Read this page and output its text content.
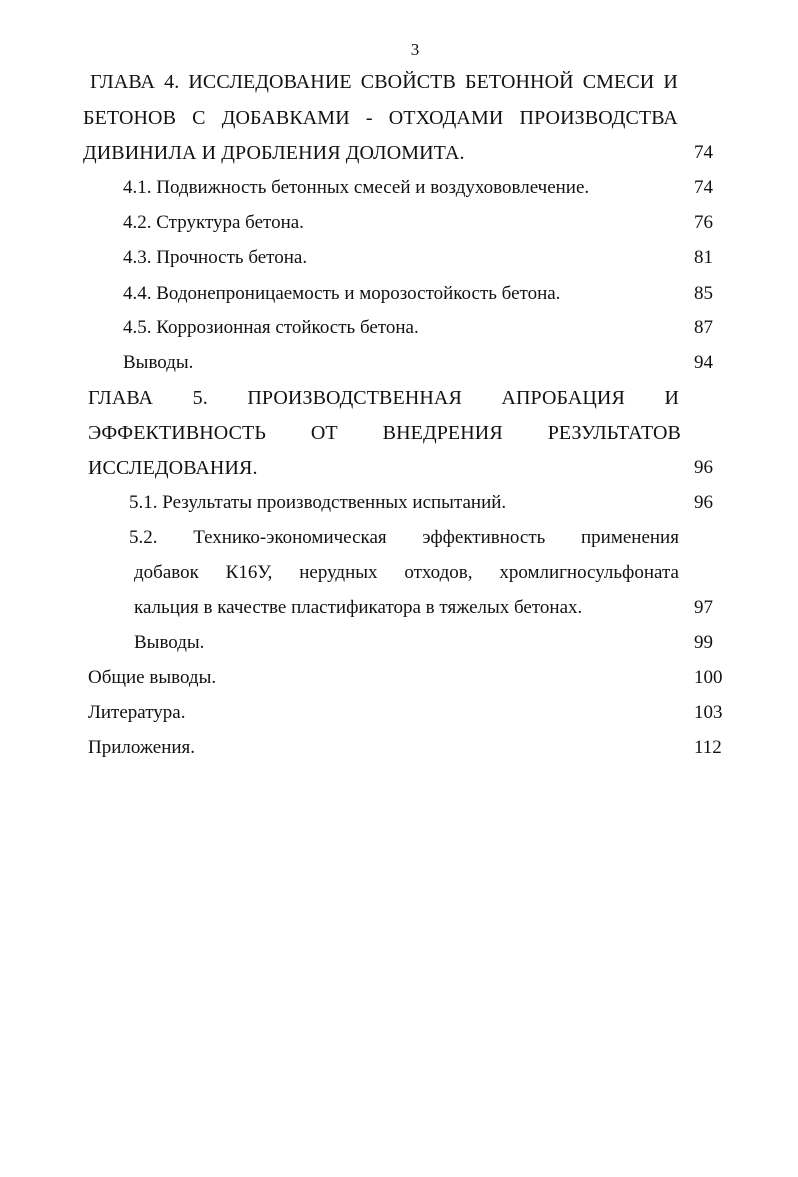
3
ГЛАВА 4. ИССЛЕДОВАНИЕ СВОЙСТВ БЕТОННОЙ СМЕСИ И
БЕТОНОВ С ДОБАВКАМИ - ОТХОДАМИ ПРОИЗВОДСТВА
ДИВИНИЛА И ДРОБЛЕНИЯ ДОЛОМИТА.	74
4.1. Подвижность бетонных смесей и воздухововлечение.	74
4.2. Структура бетона.	76
4.3. Прочность бетона.	81
4.4. Водонепроницаемость и морозостойкость бетона.	85
4.5. Коррозионная стойкость бетона.	87
Выводы.	94
ГЛАВА 5. ПРОИЗВОДСТВЕННАЯ АПРОБАЦИЯ И
ЭФФЕКТИВНОСТЬ ОТ ВНЕДРЕНИЯ РЕЗУЛЬТАТОВ
ИССЛЕДОВАНИЯ.	96
5.1. Результаты производственных испытаний.	96
5.2. Технико-экономическая эффективность применения
добавок К16У, нерудных отходов, хромлигносульфоната
кальция в качестве пластификатора в тяжелых бетонах.	97
Выводы.	99
Общие выводы.	100
Литература.	103
Приложения.	112
